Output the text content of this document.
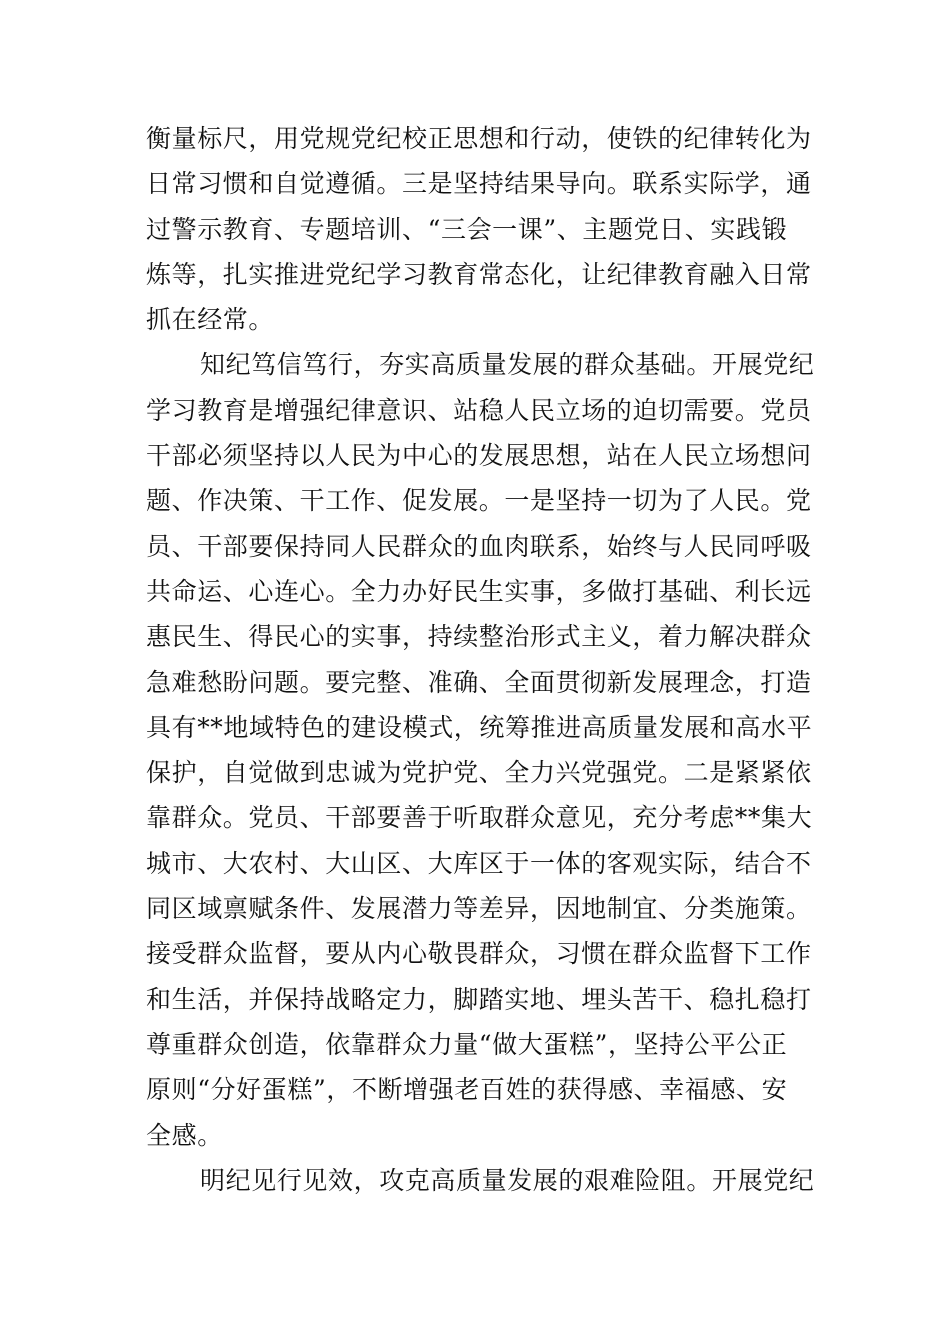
衡量标尺，用党规党纪校正思想和行动，使铁的纪律转化为
日常习惯和自觉遵循。三是坚持结果导向。联系实际学，通
过警示教育、专题培训、“三会一课”、主题党日、实践锻
炼等，扎实推进党纪学习教育常态化，让纪律教育融入日常
抓在经常。
知纪笃信笃行，夯实高质量发展的群众基础。开展党纪
学习教育是增强纪律意识、站稳人民立场的迫切需要。党员
干部必须坚持以人民为中心的发展思想，站在人民立场想问
题、作决策、干工作、促发展。一是坚持一切为了人民。党
员、干部要保持同人民群众的血肉联系，始终与人民同呼吸
共命运、心连心。全力办好民生实事，多做打基础、利长远
惠民生、得民心的实事，持续整治形式主义，着力解决群众
急难愁盼问题。要完整、准确、全面贯彻新发展理念，打造
具有**地域特色的建设模式，统筹推进高质量发展和高水平
保护，自觉做到忠诚为党护党、全力兴党强党。二是紧紧依
靠群众。党员、干部要善于听取群众意见，充分考虑**集大
城市、大农村、大山区、大库区于一体的客观实际，结合不
同区域禀赋条件、发展潜力等差异，因地制宜、分类施策。
接受群众监督，要从内心敬畏群众，习惯在群众监督下工作
和生活，并保持战略定力，脚踏实地、埋头苦干、稳扎稳打
尊重群众创造，依靠群众力量“做大蛋糕”，坚持公平公正
原则“分好蛋糕”，不断增强老百姓的获得感、幸福感、安
全感。
明纪见行见效，攻克高质量发展的艰难险阻。开展党纪
